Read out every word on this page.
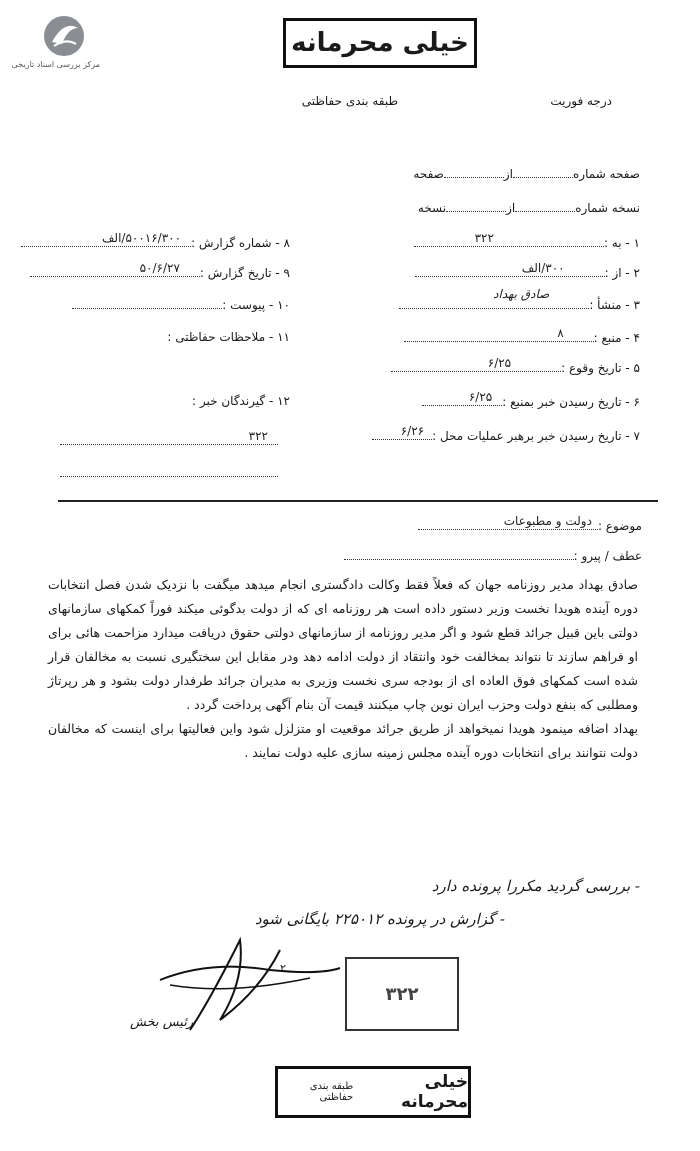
مرکز بررسی اسناد تاریخی
خیلی محرمانه
طبقه بندی حفاظتی	درجه فوریت
صفحه شماره
از
صفحه
نسخه شماره
از
نسخه
۱ - به :
۳۲۲
۲ - از :
۳۰۰/الف
۳ - منشأ :
صادق بهداد
۴ - منبع :
۸
۵ - تاریخ وقوع :
۶/۲۵
۶ - تاریخ رسیدن خبر بمنبع :
۶/۲۵
۷ - تاریخ رسیدن خبر برهبر عملیات محل :
۶/۲۶
۸ - شماره گزارش :
۵۰۰۱۶/۳۰۰/الف
۹ - تاریخ گزارش :
۵۰/۶/۲۷
۱۰ - پیوست :
۱۱ - ملاحظات حفاظتی :
۱۲ - گیرندگان خبر :
۳۲۲
موضوع :
دولت و مطبوعات
عطف / پیرو :

صادق بهداد مدیر روزنامه جهان که فعلاً فقط وکالت دادگستری انجام میدهد میگفت با نزدیک شدن فصل انتخابات دوره آینده هویدا نخست وزیر دستور داده است هر روزنامه ای که از دولت بدگوئی میکند فوراً کمکهای سازمانهای دولتی باین قبیل جرائد قطع شود و اگر مدیر روزنامه از سازمانهای دولتی حقوق دریافت میدارد مزاحمت هائی برای او فراهم سازند تا نتواند بمخالفت خود وانتقاد از دولت ادامه دهد ودر مقابل این سختگیری نسبت به مخالفان قرار شده است کمکهای فوق العاده ای از بودجه سری نخست وزیری به مدیران جرائد طرفدار دولت بشود و هر رپرتاژ ومطلبی که بنفع دولت وحزب ایران نوین چاپ میکنند قیمت آن بنام آگهی پرداخت گردد .

بهداد اضافه مینمود هویدا نمیخواهد از طریق جرائد موقعیت او متزلزل شود واین فعالیتها برای اینست که مخالفان دولت نتوانند برای انتخابات دوره آینده مجلس زمینه سازی علیه دولت نمایند .

- بررسی گردید مکررا پرونده دارد
- گزارش در پرونده ۲۲۵۰۱۲ بایگانی شود
۳۲۲
۲
رئیس بخش
خیلی محرمانه
طبقه بندی حفاظتی
